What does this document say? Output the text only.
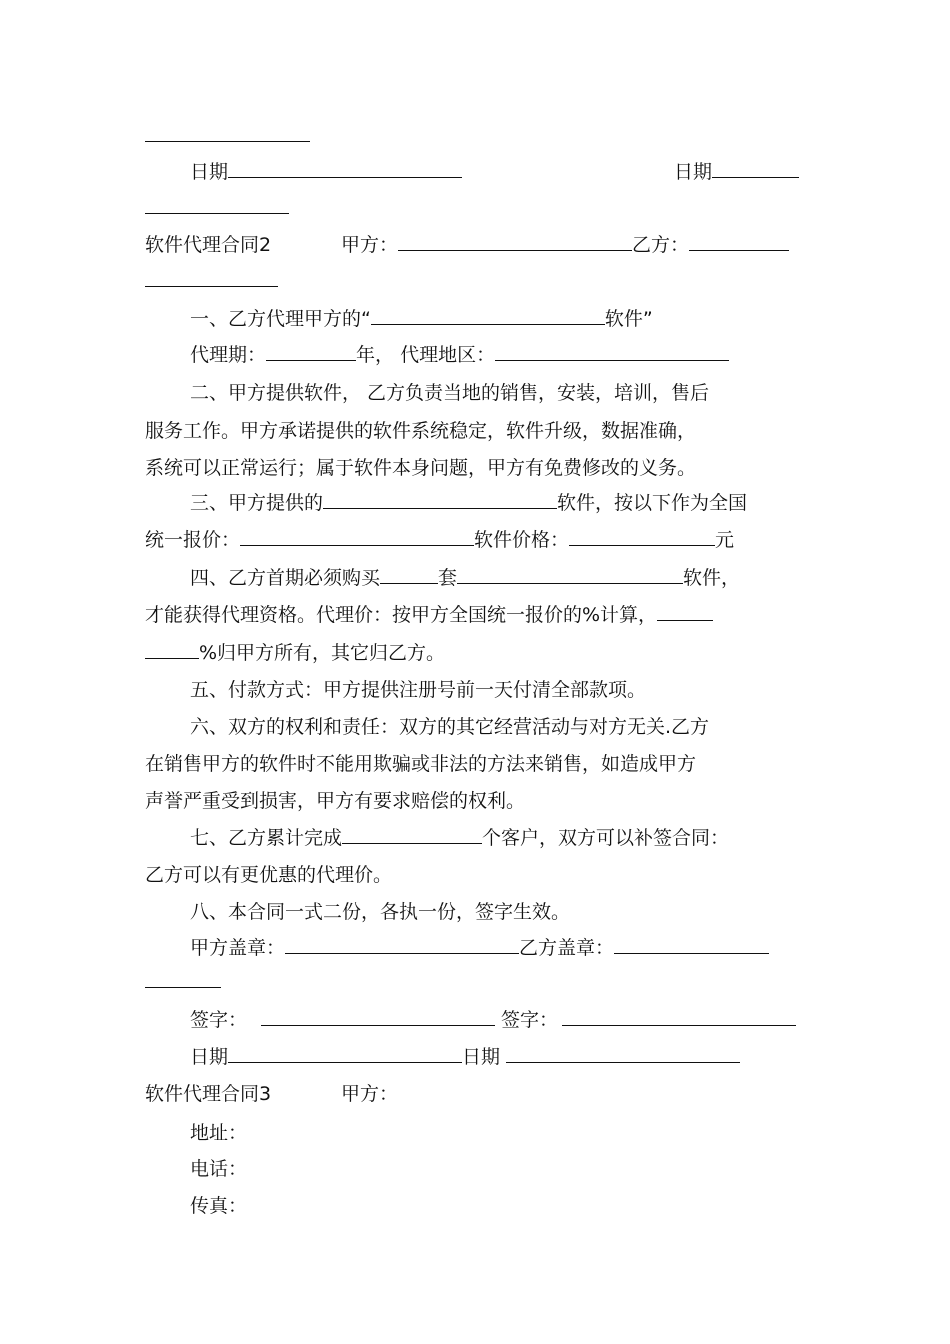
日期	日期
软件代理合同2	甲方：	乙方：
一、乙方代理甲方的“	软件”
代理期：	年， 代理地区：
二、甲方提供软件， 乙方负责当地的销售，安装，培训，售后
服务工作。甲方承诺提供的软件系统稳定，软件升级，数据准确，
系统可以正常运行；属于软件本身问题，甲方有免费修改的义务。
三、甲方提供的	软件，按以下作为全国
统一报价：	软件价格：	元
四、乙方首期必须购买	套	软件，
才能获得代理资格。代理价：按甲方全国统一报价的%计算，
%归甲方所有，其它归乙方。
五、付款方式：甲方提供注册号前一天付清全部款项。
六、双方的权利和责任：双方的其它经营活动与对方无关.乙方
在销售甲方的软件时不能用欺骗或非法的方法来销售，如造成甲方
声誉严重受到损害，甲方有要求赔偿的权利。
七、乙方累计完成	个客户，双方可以补签合同：
乙方可以有更优惠的代理价。
八、本合同一式二份，各执一份，签字生效。
甲方盖章：	乙方盖章：
签字：	签字：
日期	日期
软件代理合同3	甲方：
地址：
电话：
传真：
